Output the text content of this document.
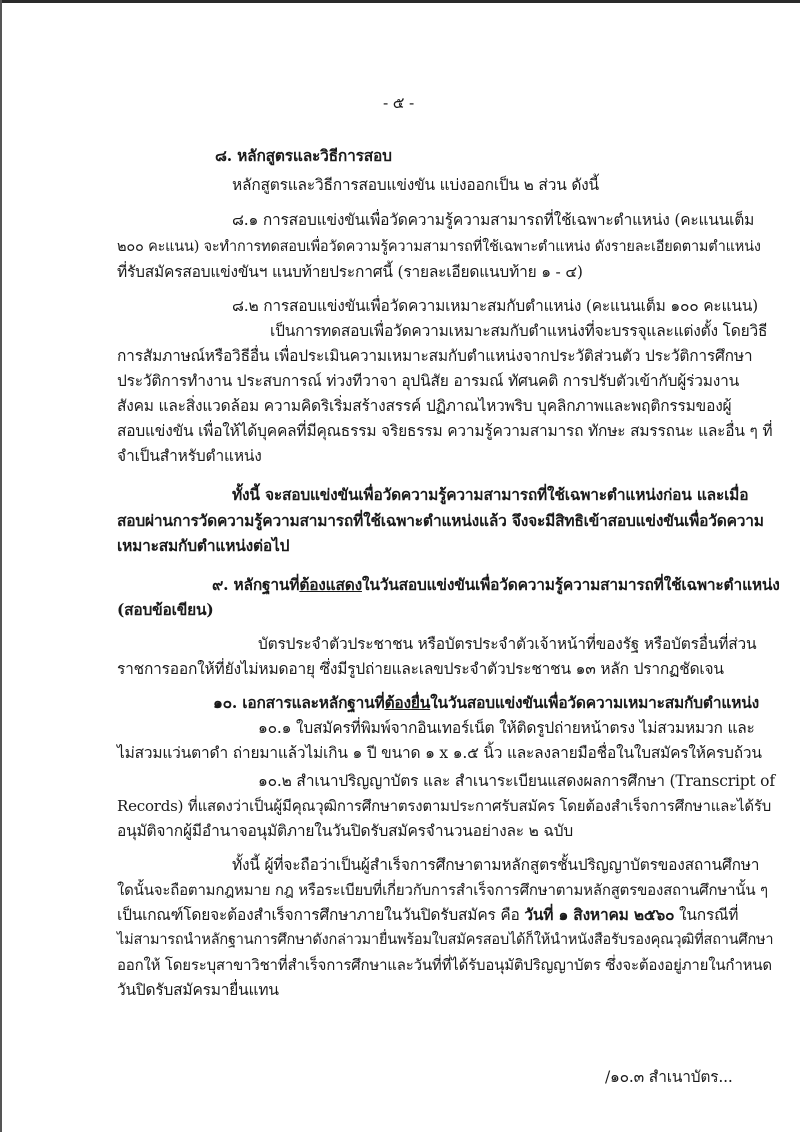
- ๕ -
๘. หลักสูตรและวิธีการสอบ
หลักสูตรและวิธีการสอบแข่งขัน แบ่งออกเป็น ๒ ส่วน ดังนี้
๘.๑ การสอบแข่งขันเพื่อวัดความรู้ความสามารถที่ใช้เฉพาะตำแหน่ง (คะแนนเต็ม
๒๐๐ คะแนน) จะทำการทดสอบเพื่อวัดความรู้ความสามารถที่ใช้เฉพาะตำแหน่ง ดังรายละเอียดตามตำแหน่ง
ที่รับสมัครสอบแข่งขันฯ แนบท้ายประกาศนี้ (รายละเอียดแนบท้าย ๑ - ๔)
๘.๒ การสอบแข่งขันเพื่อวัดความเหมาะสมกับตำแหน่ง (คะแนนเต็ม ๑๐๐ คะแนน)
เป็นการทดสอบเพื่อวัดความเหมาะสมกับตำแหน่งที่จะบรรจุและแต่งตั้ง โดยวิธี
การสัมภาษณ์หรือวิธีอื่น เพื่อประเมินความเหมาะสมกับตำแหน่งจากประวัติส่วนตัว ประวัติการศึกษา
ประวัติการทำงาน ประสบการณ์ ท่วงทีวาจา อุปนิสัย อารมณ์ ทัศนคติ การปรับตัวเข้ากับผู้ร่วมงาน
สังคม และสิ่งแวดล้อม ความคิดริเริ่มสร้างสรรค์ ปฏิภาณไหวพริบ บุคลิกภาพและพฤติกรรมของผู้
สอบแข่งขัน เพื่อให้ได้บุคคลที่มีคุณธรรม จริยธรรม ความรู้ความสามารถ ทักษะ สมรรถนะ และอื่น ๆ ที่
จำเป็นสำหรับตำแหน่ง
ทั้งนี้ จะสอบแข่งขันเพื่อวัดความรู้ความสามารถที่ใช้เฉพาะตำแหน่งก่อน และเมื่อ
สอบผ่านการวัดความรู้ความสามารถที่ใช้เฉพาะตำแหน่งแล้ว จึงจะมีสิทธิเข้าสอบแข่งขันเพื่อวัดความ
เหมาะสมกับตำแหน่งต่อไป
๙. หลักฐานที่ต้องแสดงในวันสอบแข่งขันเพื่อวัดความรู้ความสามารถที่ใช้เฉพาะตำแหน่ง
(สอบข้อเขียน)
บัตรประจำตัวประชาชน หรือบัตรประจำตัวเจ้าหน้าที่ของรัฐ หรือบัตรอื่นที่ส่วน
ราชการออกให้ที่ยังไม่หมดอายุ ซึ่งมีรูปถ่ายและเลขประจำตัวประชาชน ๑๓ หลัก ปรากฏชัดเจน
๑๐. เอกสารและหลักฐานที่ต้องยื่นในวันสอบแข่งขันเพื่อวัดความเหมาะสมกับตำแหน่ง
๑๐.๑ ใบสมัครที่พิมพ์จากอินเทอร์เน็ต ให้ติดรูปถ่ายหน้าตรง ไม่สวมหมวก และ
ไม่สวมแว่นตาดำ ถ่ายมาแล้วไม่เกิน ๑ ปี ขนาด ๑ x ๑.๕ นิ้ว และลงลายมือชื่อในใบสมัครให้ครบถ้วน
๑๐.๒ สำเนาปริญญาบัตร และ สำเนาระเบียนแสดงผลการศึกษา (Transcript of
Records) ที่แสดงว่าเป็นผู้มีคุณวุฒิการศึกษาตรงตามประกาศรับสมัคร โดยต้องสำเร็จการศึกษาและได้รับ
อนุมัติจากผู้มีอำนาจอนุมัติภายในวันปิดรับสมัครจำนวนอย่างละ ๒ ฉบับ
ทั้งนี้ ผู้ที่จะถือว่าเป็นผู้สำเร็จการศึกษาตามหลักสูตรชั้นปริญญาบัตรของสถานศึกษา
ใดนั้นจะถือตามกฎหมาย กฎ หรือระเบียบที่เกี่ยวกับการสำเร็จการศึกษาตามหลักสูตรของสถานศึกษานั้น ๆ
เป็นเกณฑ์โดยจะต้องสำเร็จการศึกษาภายในวันปิดรับสมัคร คือ วันที่ ๑ สิงหาคม ๒๕๖๐ ในกรณีที่
ไม่สามารถนำหลักฐานการศึกษาดังกล่าวมายื่นพร้อมใบสมัครสอบได้ก็ให้นำหนังสือรับรองคุณวุฒิที่สถานศึกษา
ออกให้ โดยระบุสาขาวิชาที่สำเร็จการศึกษาและวันที่ที่ได้รับอนุมัติปริญญาบัตร ซึ่งจะต้องอยู่ภายในกำหนด
วันปิดรับสมัครมายื่นแทน
/๑๐.๓ สำเนาบัตร...
